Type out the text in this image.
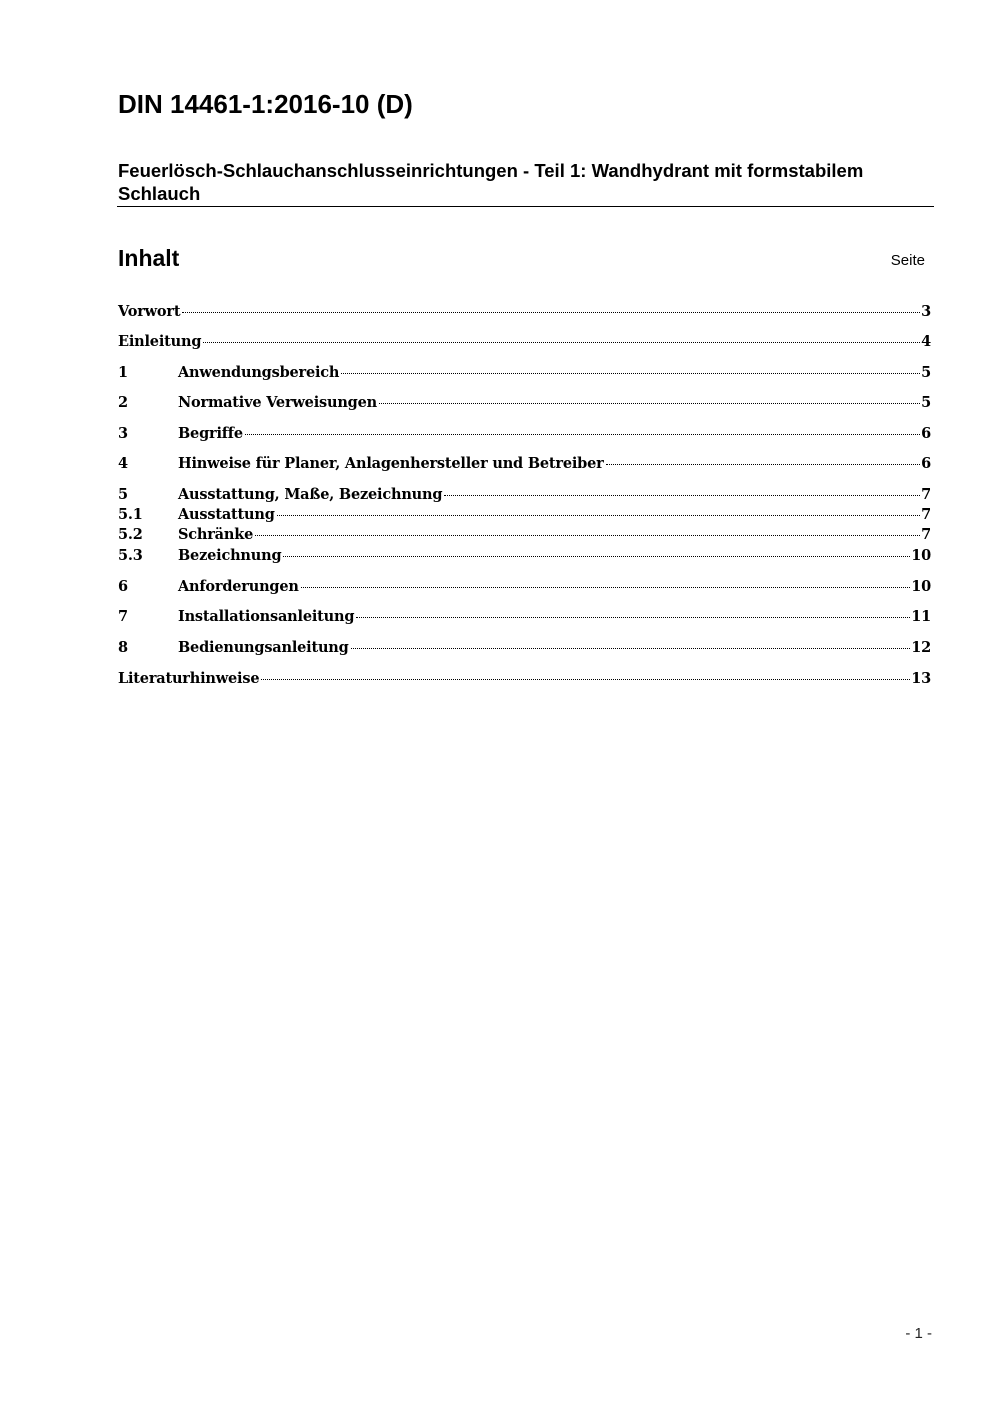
DIN 14461-1:2016-10 (D)
Feuerlösch-Schlauchanschlusseinrichtungen - Teil 1: Wandhydrant mit formstabilem Schlauch
Inhalt	Seite
Vorwort	3
Einleitung	4
1	Anwendungsbereich	5
2	Normative Verweisungen	5
3	Begriffe	6
4	Hinweise für Planer, Anlagenhersteller und Betreiber	6
5	Ausstattung, Maße, Bezeichnung	7
5.1	Ausstattung	7
5.2	Schränke	7
5.3	Bezeichnung	10
6	Anforderungen	10
7	Installationsanleitung	11
8	Bedienungsanleitung	12
Literaturhinweise	13
- 1 -
